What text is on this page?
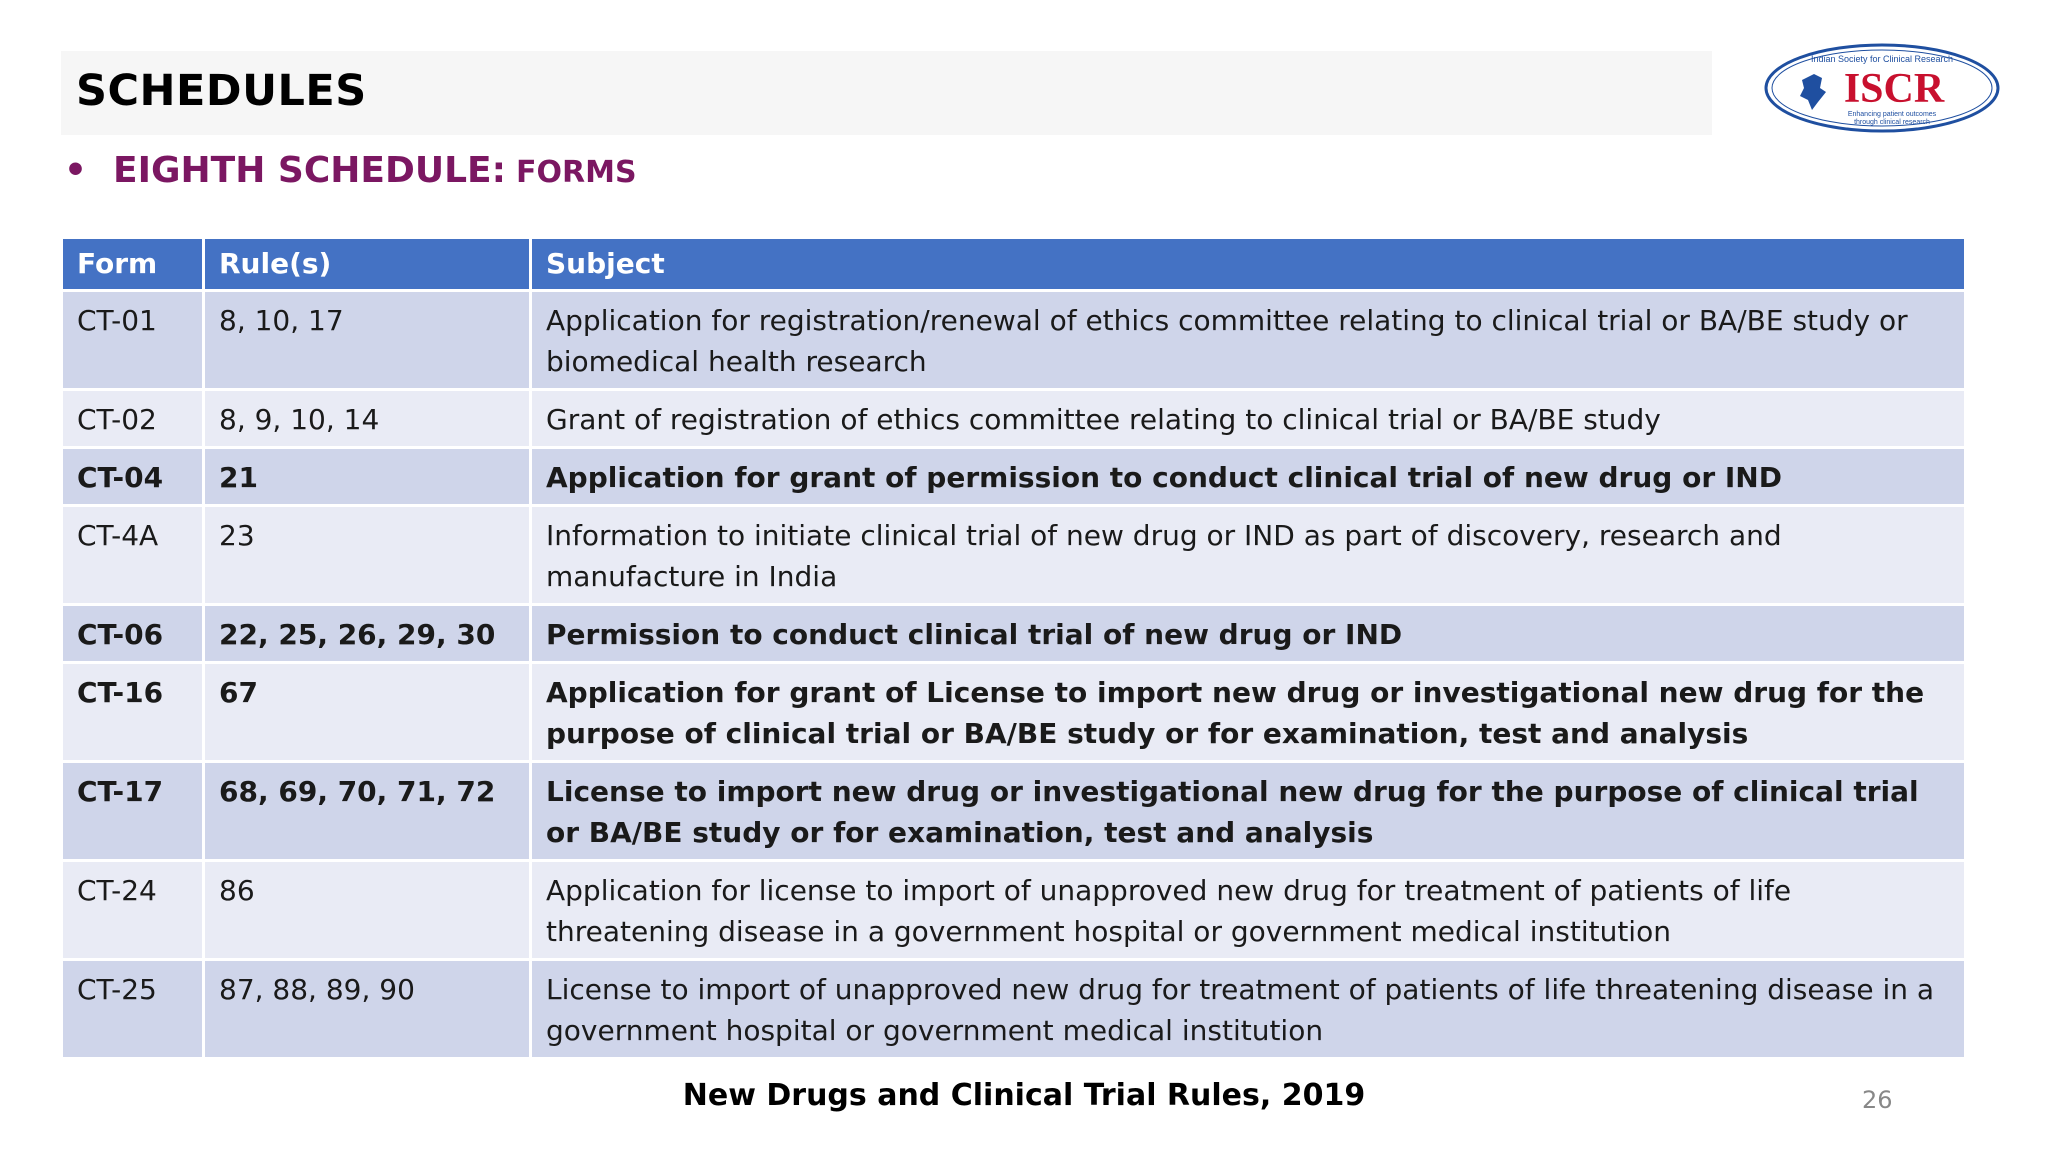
SCHEDULES
Indian Society for Clinical Research
ISCR
Enhancing patient outcomes
through clinical research
• EIGHTH SCHEDULE: FORMS
Form	Rule(s)	Subject
CT-01	8, 10, 17	Application for registration/renewal of ethics committee relating to clinical trial or BA/BE study or biomedical health research
CT-02	8, 9, 10, 14	Grant of registration of ethics committee relating to clinical trial or BA/BE study
CT-04	21	Application for grant of permission to conduct clinical trial of new drug or IND
CT-4A	23	Information to initiate clinical trial of new drug or IND as part of discovery, research and manufacture in India
CT-06	22, 25, 26, 29, 30	Permission to conduct clinical trial of new drug or IND
CT-16	67	Application for grant of License to import new drug or investigational new drug for the purpose of clinical trial or BA/BE study or for examination, test and analysis
CT-17	68, 69, 70, 71, 72	License to import new drug or investigational new drug for the purpose of clinical trial or BA/BE study or for examination, test and analysis
CT-24	86	Application for license to import of unapproved new drug for treatment of patients of life threatening disease in a government hospital or government medical institution
CT-25	87, 88, 89, 90	License to import of unapproved new drug for treatment of patients of life threatening disease in a government hospital or government medical institution
New Drugs and Clinical Trial Rules, 2019	26
